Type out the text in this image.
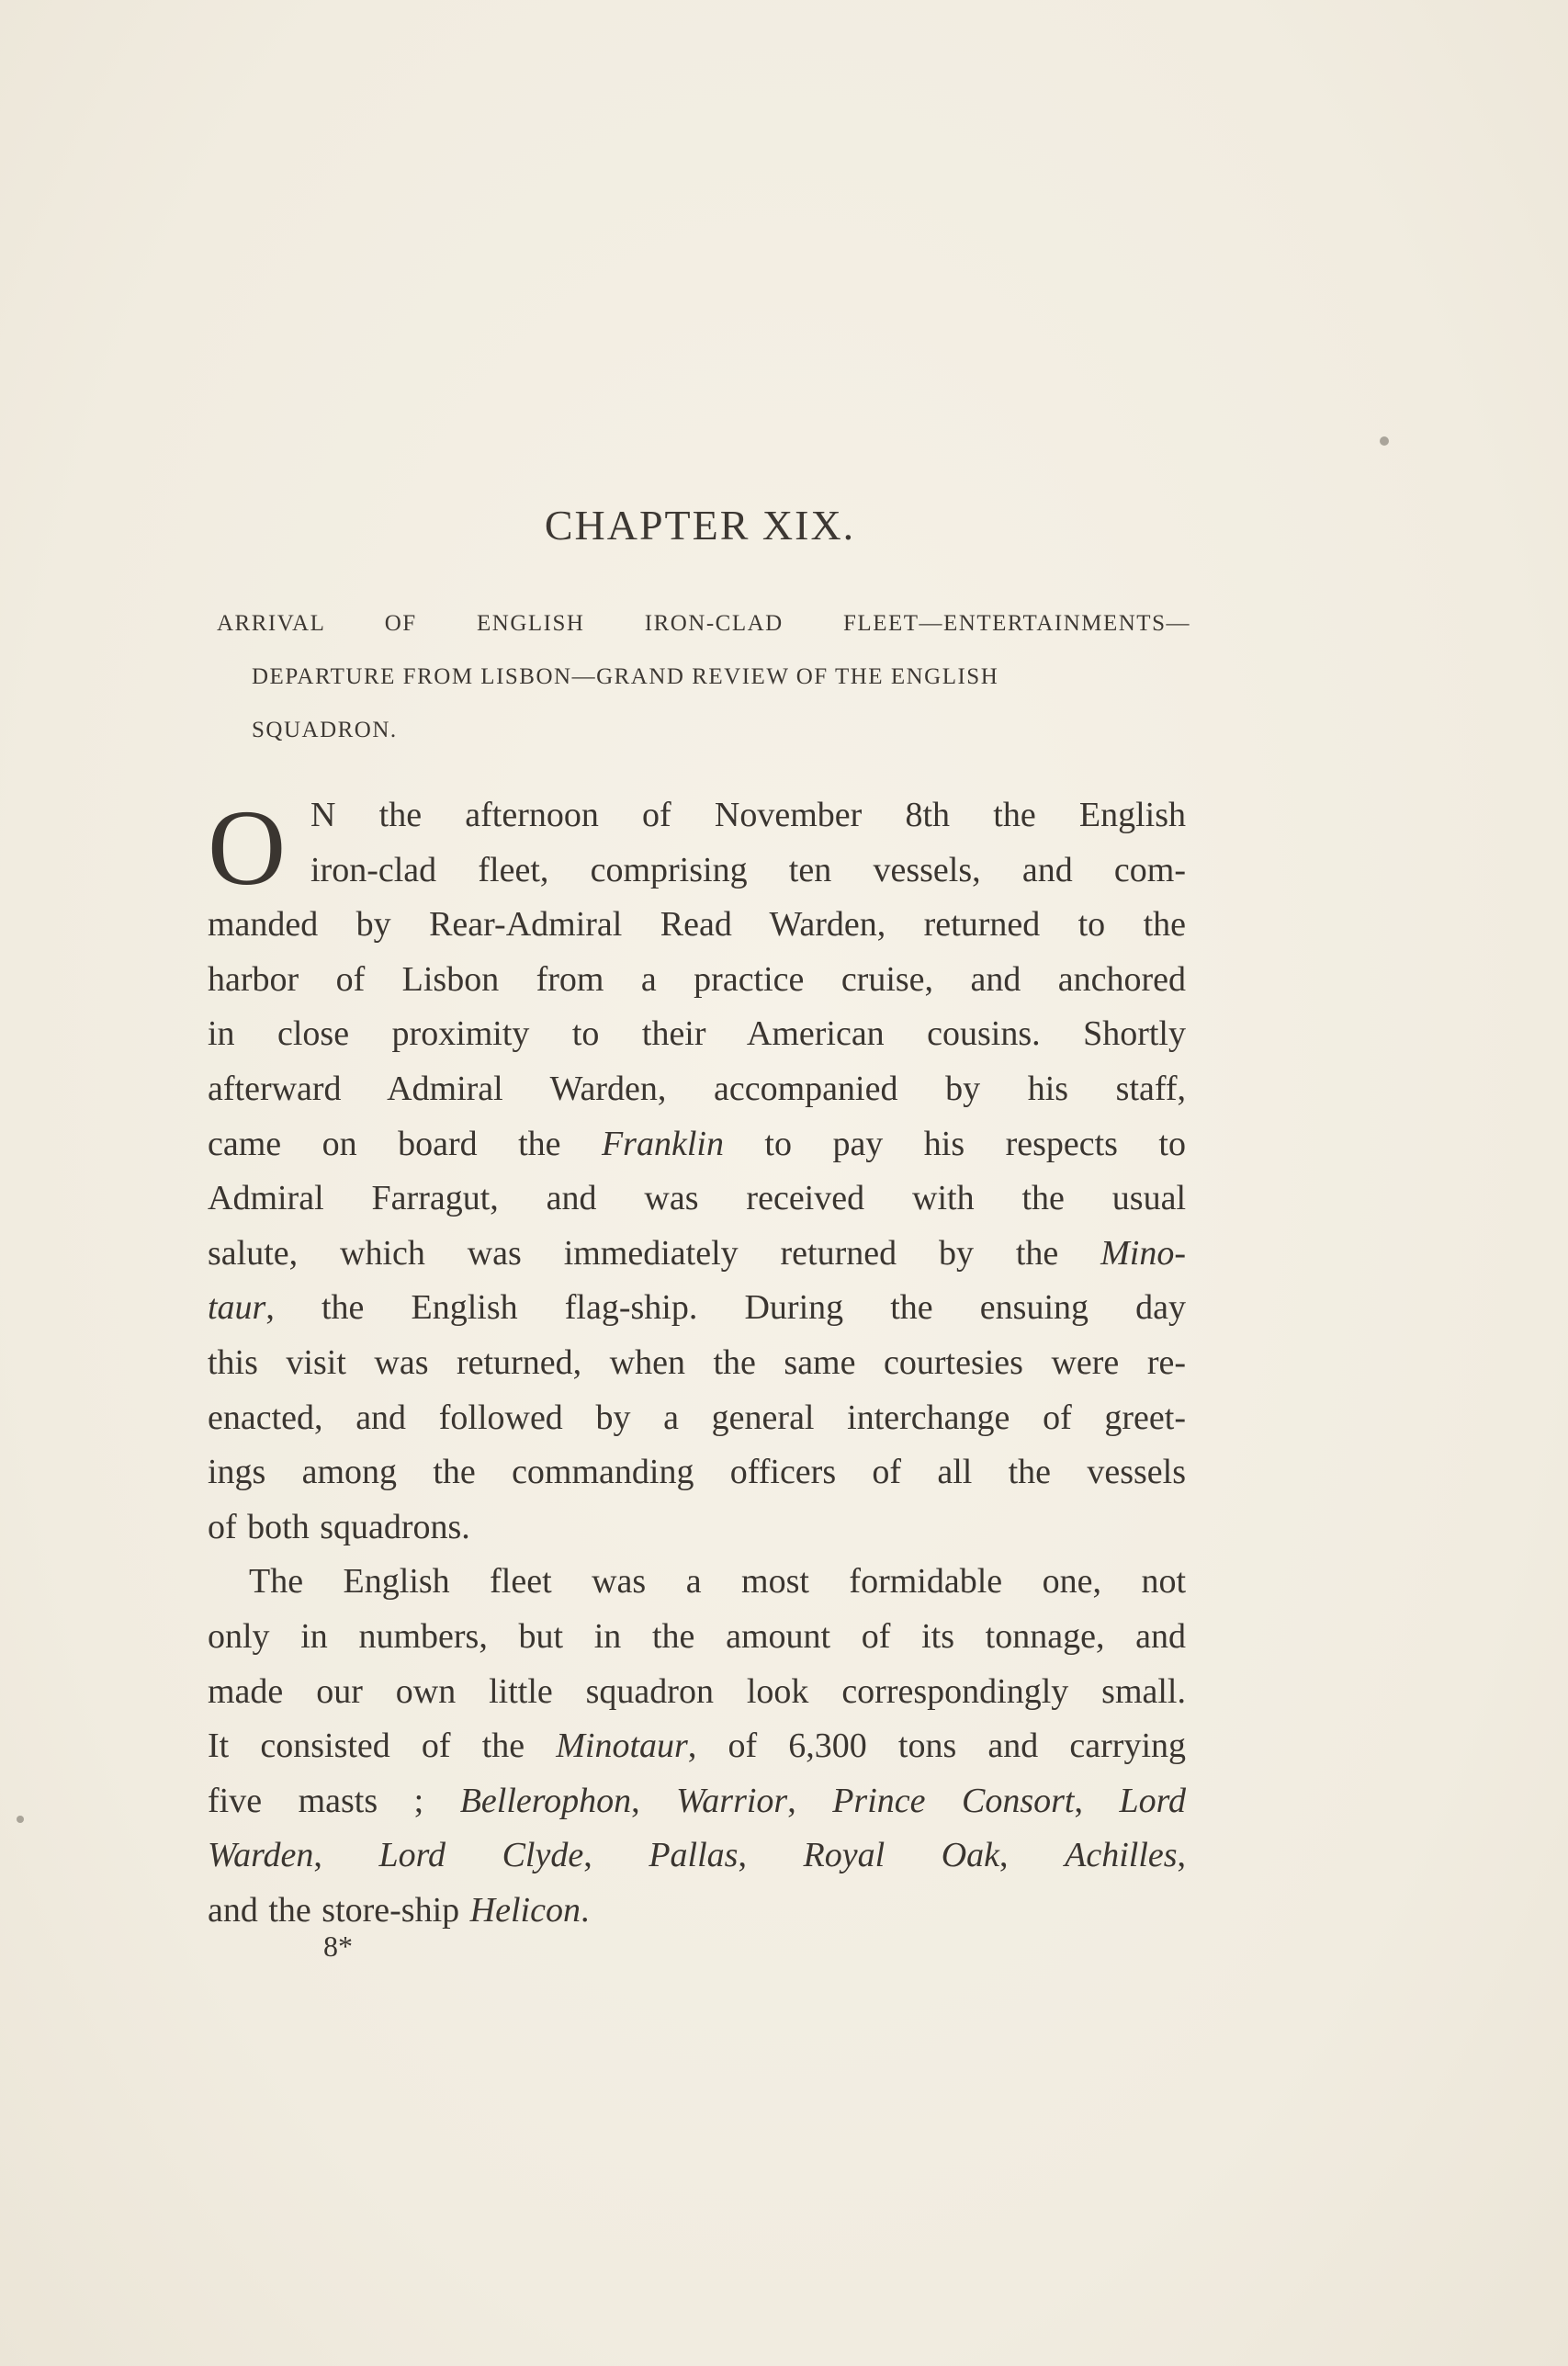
CHAPTER XIX.
ARRIVAL OF ENGLISH IRON-CLAD FLEET—ENTERTAINMENTS—
DEPARTURE FROM LISBON—GRAND REVIEW OF THE ENGLISH
SQUADRON.
O N the afternoon of November 8th the English
iron-clad fleet, comprising ten vessels, and com-
manded by Rear-Admiral Read Warden, returned to the
harbor of Lisbon from a practice cruise, and anchored
in close proximity to their American cousins. Shortly
afterward Admiral Warden, accompanied by his staff,
came on board the Franklin to pay his respects to
Admiral Farragut, and was received with the usual
salute, which was immediately returned by the Mino-
taur, the English flag-ship. During the ensuing day
this visit was returned, when the same courtesies were re-
enacted, and followed by a general interchange of greet-
ings among the commanding officers of all the vessels
of both squadrons.
The English fleet was a most formidable one, not
only in numbers, but in the amount of its tonnage, and
made our own little squadron look correspondingly small.
It consisted of the Minotaur, of 6,300 tons and carrying
five masts ; Bellerophon, Warrior, Prince Consort, Lord
Warden, Lord Clyde, Pallas, Royal Oak, Achilles,
and the store-ship Helicon.
8*
